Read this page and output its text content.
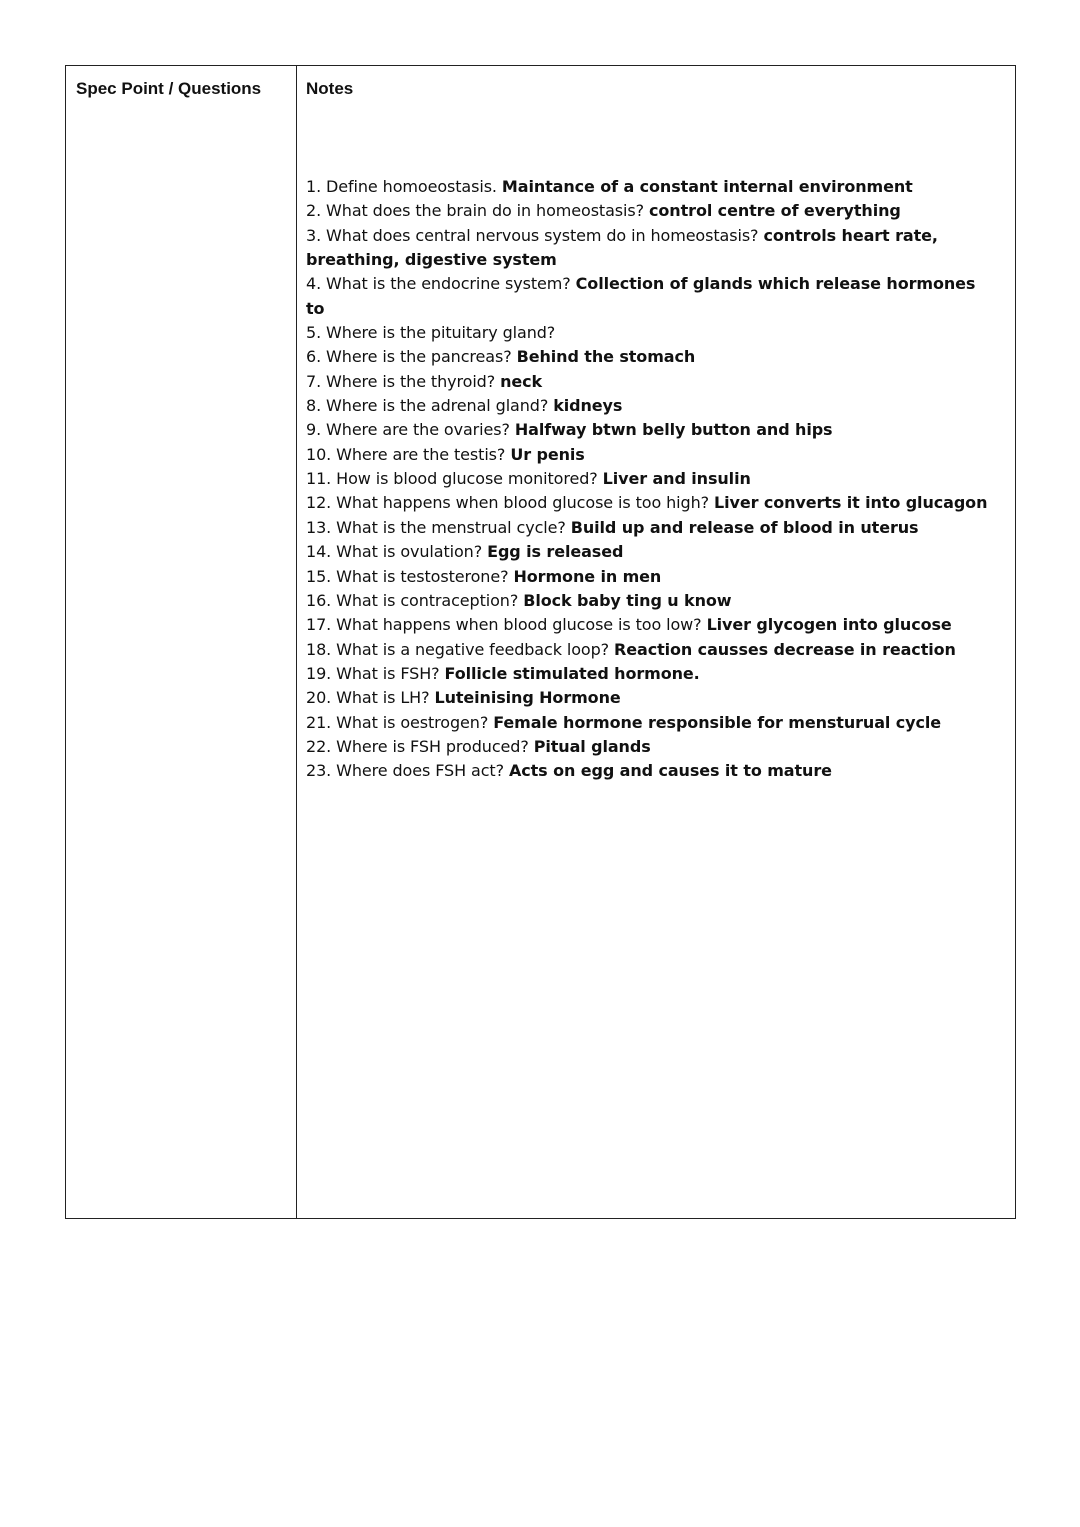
Spec Point / Questions	Notes
1. Define homoeostasis. Maintance of a constant internal environment
2. What does the brain do in homeostasis? control centre of everything
3. What does central nervous system do in homeostasis? controls heart rate, breathing, digestive system
4. What is the endocrine system? Collection of glands which release hormones to
5. Where is the pituitary gland?
6. Where is the pancreas? Behind the stomach
7. Where is the thyroid? neck
8. Where is the adrenal gland? kidneys
9. Where are the ovaries? Halfway btwn belly button and hips
10. Where are the testis? Ur penis
11. How is blood glucose monitored? Liver and insulin
12. What happens when blood glucose is too high? Liver converts it into glucagon
13. What is the menstrual cycle? Build up and release of blood in uterus
14. What is ovulation? Egg is released
15. What is testosterone? Hormone in men
16. What is contraception? Block baby ting u know
17. What happens when blood glucose is too low? Liver glycogen into glucose
18. What is a negative feedback loop? Reaction causses decrease in reaction
19. What is FSH? Follicle stimulated hormone.
20. What is LH? Luteinising Hormone
21. What is oestrogen? Female hormone responsible for mensturual cycle
22. Where is FSH produced? Pitual glands
23. Where does FSH act? Acts on egg and causes it to mature
